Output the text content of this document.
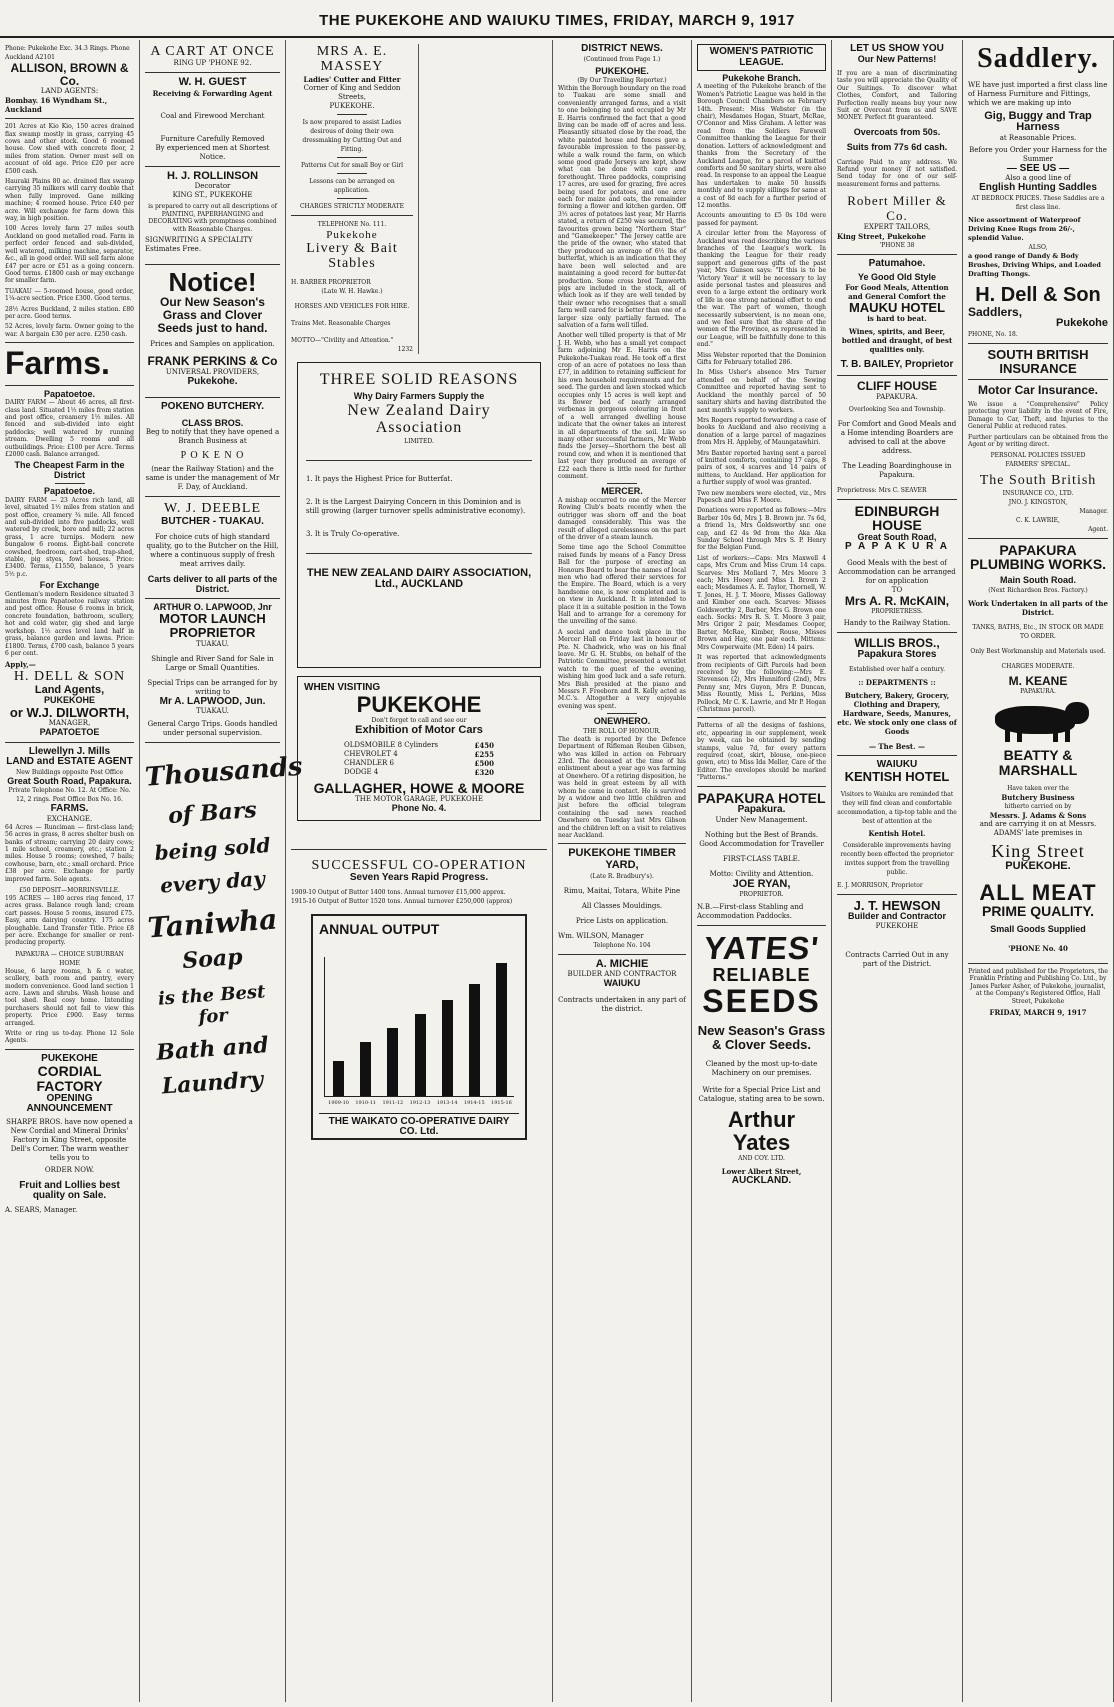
THE PUKEKOHE AND WAIUKU TIMES, FRIDAY, MARCH 9, 1917
Phone: Pukekohe Exc. 34.3 Rings. Phone Auckland A2101
ALLISON, BROWN & Co.
LAND AGENTS:
Bombay. 16 Wyndham St., Auckland
201 Acres at Kio Kio, 150 acres drained flax swamp mostly in grass, carrying 45 cows and other stock. Good 6 roomed house. Cow shed with concrete floor, 2 miles from station. Owner must sell on account of old age. Price £20 per acre £500 cash.
Hauraki Plains 80 ac. drained flax swamp carrying 35 milkers will carry double that when fully improved. Gane milking machine; 4 roomed house. Price £40 per acre. Will exchange for farm down this way, in high position.
100 Acres lovely farm 27 miles south Auckland on good metalled road. Farm in perfect order fenced and sub-divided, well watered, milking machine, separator, &c., all in good order. Will sell farm alone £47 per acre or £51 as a going concern. Good terms. £1800 cash or may exchange for smaller farm.
TUAKAU — 5-roomed house, good order, 1¼-acre section. Price £300. Good terms.
28½ Acres Buckland, 2 miles station. £80 per acre. Good terms.
52 Acres, lovely farm. Owner going to the war. A bargain £30 per acre. £250 cash.
Farms.
Papatoetoe.
DAIRY FARM — About 46 acres, all first-class land. Situated 1½ miles from station and post office, creamery 1½ miles. All fenced and sub-divided into eight paddocks; well watered by running stream. Dwelling 5 rooms and all outbuildings. Price: £100 per Acre. Terms £2000 cash. Balance arranged.
The Cheapest Farm in the District
Papatoetoe.
DAIRY FARM — 23 Acres rich land, all level, situated 1½ miles from station and post office, creamery ¾ mile. All fenced and sub-divided into five paddocks, well watered by creek, bore and mill; 22 acres grass, 1 acre turnips. Modern new bungalow 6 rooms. Eight-bail concrete cowshed, feedroom, cart-shed, trap-shed, stable, pig styes, fowl houses. Price: £3400. Terms, £1550, balance, 5 years 5½ p.c.
For Exchange
Gentleman's modern Residence situated 3 minutes from Papatoetoe railway station and post office. House 6 rooms in brick, concrete foundation, bathroom, scullery, hot and cold water, gig shed and large workshop. 1½ acres level land half in grass, balance garden and lawns. Price: £1800. Terms, £700 cash, balance 5 years 6 per cent.
Apply,—
H. DELL & SON
Land Agents,
PUKEKOHE
or W.J. DILWORTH,
MANAGER,
PAPATOETOE
Llewellyn J. Mills
LAND and ESTATE AGENT
New Buildings opposite Post Office
Great South Road, Papakura.
Private Telephone No. 12. At Office: No. 12, 2 rings. Post Office Box No. 16.
FARMS.
EXCHANGE.
64 Acres — Runciman — first-class land; 56 acres in grass, 8 acres shelter bush on banks of stream; carrying 20 dairy cows; 1 mile school, creamery, etc.; station 2 miles. House 5 rooms; cowshed, 7 bails; cowhouse, barn, etc.; small orchard. Price £38 per acre. Exchange for partly improved farm. Sole agents.
£50 DEPOSIT—MORRINSVILLE.
195 ACRES — 180 acres ring fenced, 17 acres grass. Balance rough land; cream cart passes. House 5 rooms, insured £75. Easy, arm dairying country. 175 acres ploughable. Land Transfer Title. Price £8 per acre. Exchange for smaller or rent-producing property.
PAPAKURA — CHOICE SUBURBAN HOME
House, 6 large rooms, h & c water, scullery, bath room and pantry, every modern convenience. Good land section 1 acre. Lawn and shrubs. Wash house and tool shed. Real cosy home. Intending purchasers should not fail to view this property. Price £900. Easy terms arranged.
Write or ring us to-day. Phone 12 Sole Agents.
PUKEKOHE
CORDIAL FACTORY
OPENING ANNOUNCEMENT
SHARPE BROS. have now opened a New Cordial and Mineral Drinks' Factory in King Street, opposite Dell's Corner. The warm weather tells you to
ORDER NOW.
Fruit and Lollies best quality on Sale.
A. SEARS, Manager.
A CART AT ONCE
RING UP 'PHONE 92.
W. H. GUEST
Receiving & Forwarding Agent
Coal and Firewood Merchant
Furniture Carefully Removed
By experienced men at Shortest Notice.
H. J. ROLLINSON
Decorator
KING ST., PUKEKOHE
is prepared to carry out all descriptions of PAINTING, PAPERHANGING and DECORATING with promptness combined with Reasonable Charges.
SIGNWRITING A SPECIALITY
Estimates Free.
Notice!
Our New Season's
Grass and Clover
Seeds just to hand.
Prices and Samples on application.
FRANK PERKINS & Co
UNIVERSAL PROVIDERS,
Pukekohe.
POKENO BUTCHERY.
CLASS BROS.
Beg to notify that they have opened a Branch Business at
P O K E N O
(near the Railway Station) and the same is under the management of Mr F. Day, of Auckland.
W. J. DEEBLE
BUTCHER - TUAKAU.
For choice cuts of high standard quality, go to the Butcher on the Hill, where a continuous supply of fresh meat arrives daily.
Carts deliver to all parts of the District.
ARTHUR O. LAPWOOD, Jnr
MOTOR LAUNCH PROPRIETOR
TUAKAU.
Shingle and River Sand for Sale in Large or Small Quantities.
Special Trips can be arranged for by writing to
Mr A. LAPWOOD, Jun.
TUAKAU.
General Cargo Trips. Goods handled under personal supervision.
Thousands
of Bars
being sold
every day
Taniwha
Soap
is the Best for
Bath and
Laundry
MRS A. E. MASSEY
Ladies' Cutter and Fitter
Corner of King and Seddon Streets,
PUKEKOHE.
Is now prepared to assist Ladies desirous of doing their own dressmaking by Cutting Out and Fitting.
Patterns Cut for small Boy or Girl
Lessons can be arranged on application.
CHARGES STRICTLY MODERATE
TELEPHONE No. 111.
Pukekohe
Livery & Bait Stables
H. BARBER PROPRIETOR
(Late W. H. Hawke.)
HORSES AND VEHICLES FOR HIRE.
Trains Met. Reasonable Charges
MOTTO—"Civility and Attention."
1232
THREE SOLID REASONS
Why Dairy Farmers Supply the
New Zealand Dairy Association
LIMITED.
1. It pays the Highest Price for Butterfat.
2. It is the Largest Dairying Concern in this Dominion and is still growing (larger turnover spells administrative economy).
3. It is Truly Co-operative.
THE NEW ZEALAND DAIRY ASSOCIATION, Ltd., AUCKLAND
WHEN VISITING
PUKEKOHE
Don't forget to call and see our
Exhibition of Motor Cars
OLDSMOBILE 8 Cylinders	£450
CHEVROLET 4	£255
CHANDLER 6	£500
DODGE 4	£320
GALLAGHER, HOWE & MOORE
THE MOTOR GARAGE, PUKEKOHE
Phone No. 4.
SUCCESSFUL CO-OPERATION
Seven Years Rapid Progress.
1909-10 Output of Butter 1400 tons. Annual turnover £15,000 approx.
1915-16 Output of Butter 1520 tons. Annual turnover £250,000 (approx)
ANNUAL OUTPUT
1909-10	1910-11	1911-12	1912-13	1913-14	1914-15	1915-16
THE WAIKATO CO-OPERATIVE DAIRY CO. Ltd.
DISTRICT NEWS.
(Continued from Page 1.)
PUKEKOHE.
(By Our Travelling Reporter.)
Within the Borough boundary on the road to Tuakau are some small and conveniently arranged farms, and a visit to one belonging to and occupied by Mr E. Harris confirmed the fact that a good living can be made off of acres and less. Pleasantly situated close by the road, the white painted house and fences gave a favourable impression to the passer-by, while a walk round the farm, on which some good grade Jerseys are kept, show what can be done with care and forethought. Three paddocks, comprising 17 acres, are used for grazing, five acres being used for potatoes, and one acre each for maize and oats, the remainder forming a flower and kitchen garden. Off 3½ acres of potatoes last year, Mr Harris stated, a return of £250 was secured, the favourites grown being "Northern Star" and "Gamekeeper." The Jersey cattle are the pride of the owner, who stated that they produced an average of 6½ lbs of butterfat, which is an indication that they have been well selected and are maintaining a good record for butter-fat production. Some cross bred Tamworth pigs are included in the stock, all of which look as if they are well tended by their owner who recognises that a small farm well cared for is better than one of a larger size only partially farmed. The salvation of a farm well tilled.
Another well tilled property is that of Mr J. H. Webb, who has a small yet compact farm adjoining Mr E. Harris on the Pukekohe-Tuakau road. He took off a first crop of an acre of potatoes no less than £77, in addition to retaining sufficient for his own household requirements and for seed. The garden and lawn stocked which occupies only 15 acres is well kept and its flower bed of nearly arranged verbenas in gorgeous colouring in front of a well arranged dwelling house indicate that the owner takes an interest in all departments of the soil. Like so many other successful farmers, Mr Webb finds the Jersey—Shorthorn the best all round cow, and when it is mentioned that last year they produced an average of £22 each there is little need for further comment.
MERCER.
A mishap occurred to one of the Mercer Rowing Club's boats recently when the outrigger was shorn off and the boat damaged considerably. This was the result of alleged carelessness on the part of the driver of a steam launch.
Some time ago the School Committee raised funds by means of a Fancy Dress Ball for the purpose of erecting an Honours Board to bear the names of local men who had offered their services for the Empire. The Board, which is a very handsome one, is now completed and is on view in Auckland. It is intended to place it in a suitable position in the Town Hall and to arrange for a ceremony for the unveiling of the same.
A social and dance took place in the Mercer Hall on Friday last in honour of Pte. N. Chadwick, who was on his final leave. Mr G. H. Stubbs, on behalf of the Patriotic Committee, presented a wristlet watch to the guest of the evening, wishing him good luck and a safe return. Mrs Bish presided at the piano and Messrs F. Freeborn and R. Kelly acted as M.C.'s. Altogether a very enjoyable evening was spent.
ONEWHERO.
THE ROLL OF HONOUR.
The death is reported by the Defence Department of Rifleman Reuben Gibson, who was killed in action on February 23rd. The deceased at the time of his enlistment about a year ago was farming at Onewhero. Of a retiring disposition, he was held in great esteem by all with whom he came in contact. He is survived by a widow and two little children and just before the official telegram containing the sad news reached Onewhero on Tuesday last Mrs Gibson and the children left on a visit to relatives near Auckland.
PUKEKOHE TIMBER YARD,
(Late R. Bradbury's).
Rimu, Maitai, Totara, White Pine
All Classes Mouldings.
Price Lists on application.
Wm. WILSON, Manager
Telephone No. 104
A. MICHIE
BUILDER AND CONTRACTOR
WAIUKU
Contracts undertaken in any part of the district.
WOMEN'S PATRIOTIC LEAGUE.
Pukekohe Branch.
A meeting of the Pukekohe branch of the Women's Patriotic League was held in the Borough Council Chambers on February 14th. Present: Miss Webster (in the chair), Mesdames Hogan, Stuart, McRae, O'Connor and Miss Graham. A letter was read from the Soldiers Farewell Committee thanking the League for their donation. Letters of acknowledgment and thanks from the Secretary of the Auckland League, for a parcel of knitted comforts and 50 sanitary shirts, were also read. In response to an appeal the League has undertaken to make 50 hussifs monthly and to supply sillings for same at a cost of 8d each for a further period of 12 months.
Accounts amounting to £5 0s 10d were passed for payment.
A circular letter from the Mayoress of Auckland was read describing the various branches of the League's work. In thanking the League for their ready support and generous gifts of the past year, Mrs Gunson says: "If this is to be 'Victory Year' it will be necessary to lay aside personal tastes and pleasures and even to a large extent the ordinary work of life in one strong national effort to end the war. The part of women, though necessarily subservient, is no mean one, and we feel sure that the share of the women of the Province, as represented in our League, will be faithfully done to this end."
Miss Webster reported that the Dominion Gifts for February totalled 286.
In Miss Usher's absence Mrs Turner attended on behalf of the Sewing Committee and reported having sent to Auckland the monthly parcel of 50 sanitary shirts and having distributed the next month's supply to workers.
Mrs Rogers reported forwarding a case of books to Auckland and also receiving a donation of a large parcel of magazines from Mrs H. Appleby, of Maungatawhiri.
Mrs Baxter reported having sent a parcel of knitted comforts, containing 17 caps, 8 pairs of sox, 4 scarves and 14 pairs of mittens, to Auckland. Her application for a further supply of wool was granted.
Two new members were elected, viz., Mrs Papesch and Miss F. Moore.
Donations were reported as follows:—Mrs Barber 10s 6d, Mrs J. B. Brown jnr. 7s 6d, a friend 1s, Mrs Goldsworthy snr. one cap, and £2 4s 9d from the Aka Aka Sunday School through Mrs S. P. Henry for the Belgian Fund.
List of workers:—Caps: Mrs Maxwell 4 caps, Mrs Crum and Miss Crum 14 caps. Scarves: Mrs Mollard 7, Mrs Moore 3 each; Mrs Hooey and Miss I. Brown 2 each; Mesdames A. E. Taylor, Thornell, W. T. Jones, H. J. T. Moore, Misses Galloway and Kimber one each. Scarves: Misses Goldsworthy 2, Barber, Mrs G. Brown one each. Socks: Mrs R. S. T. Moore 3 pair, Mrs Grigor 2 pair, Mesdames Cooper, Barter, McRae, Kimber, Rouse, Misses Brown and Hay, one pair each. Mittens: Mrs Cowperwaite (Mt. Eden) 14 pairs.
It was reported that acknowledgments from recipients of Gift Parcels had been received by the following:—Mrs E. Stevenson (2), Mrs Hunniford (2nd), Mrs Penny snr, Mrs Guyon, Mrs P. Duncan, Miss Rountly, Miss L. Perkins, Miss Pollock, Mr C. K. Lawrie, and Mr P. Hogan (Christmas parcel).
Patterns of all the designs of fashions, etc, appearing in our supplement, week by week, can be obtained by sending stamps, value 7d, for every pattern required (coat, skirt, blouse, one-piece gown, etc) to Miss Ida Meller, Care of the Editor. The envelopes should be marked "Patterns."
PAPAKURA HOTEL
Papakura.
Under New Management.
Nothing but the Best of Brands. Good Accommodation for Traveller
FIRST-CLASS TABLE.
Motto: Civility and Attention.
JOE RYAN,
PROPRIETOR.
N.B.—First-class Stabling and Accommodation Paddocks.
YATES'
RELIABLE
SEEDS
New Season's Grass & Clover Seeds.
Cleaned by the most up-to-date Machinery on our premises.
Write for a Special Price List and Catalogue, stating area to be sown.
Arthur Yates
AND COY. LTD.
Lower Albert Street,
AUCKLAND.
LET US SHOW YOU
Our New Patterns!
If you are a man of discriminating taste you will appreciate the Quality of Our Suitings. To discover what Clothes, Comfort, and Tailoring Perfection really means buy your new Suit or Overcoat from us and SAVE MONEY. Perfect fit guaranteed.
Overcoats from 50s.
Suits from 77s 6d cash.
Carriage Paid to any address. We Refund your money if not satisfied. Send today for one of our self-measurement forms and patterns.
Robert Miller & Co.
EXPERT TAILORS,
King Street, Pukekohe
'PHONE 38
Patumahoe.
Ye Good Old Style
For Good Meals, Attention and General Comfort the
MAUKU HOTEL
is hard to beat.
Wines, spirits, and Beer, bottled and draught, of best qualities only.
T. B. BAILEY, Proprietor
CLIFF HOUSE
PAPAKURA.
Overlooking Sea and Township.
For Comfort and Good Meals and a Home intending Boarders are advised to call at the above address.
The Leading Boardinghouse in Papakura.
Proprietress: Mrs C. SEAVER
EDINBURGH HOUSE
Great South Road,
P A P A K U R A
Good Meals with the best of Accommodation can be arranged for on application
TO
Mrs A. R. McKAIN,
PROPRIETRESS.
Handy to the Railway Station.
WILLIS BROS.,
Papakura Stores
Established over half a century.
:: DEPARTMENTS ::
Butchery, Bakery, Grocery, Clothing and Drapery, Hardware, Seeds, Manures, etc. We stock only one class of Goods
— The Best. —
WAIUKU
KENTISH HOTEL
Visitors to Waiuku are reminded that they will find clean and comfortable accommodation, a tip-top table and the best of attention at the
Kentish Hotel.
Considerable improvements having recently been effected the proprietor invites support from the travelling public.
E. J. MORRISON, Proprietor
J. T. HEWSON
Builder and Contractor
PUKEKOHE
Contracts Carried Out in any part of the District.
Saddlery.
WE have just imported a first class line of Harness Furniture and Fittings, which we are making up into
Gig, Buggy and Trap Harness
at Reasonable Prices.
Before you Order your Harness for the Summer
— SEE US —
Also a good line of
English Hunting Saddles
AT BEDROCK PRICES. These Saddles are a first class line.
Nice assortment of Waterproof Driving Knee Rugs from 26/-, splendid Value.
ALSO,
a good range of Dandy & Body Brushes, Driving Whips, and Loaded Drafting Thongs.
H. Dell & Son
Saddlers,
Pukekohe
PHONE, No. 18.
SOUTH BRITISH
INSURANCE
Motor Car Insurance.
We issue a "Comprehensive" Policy protecting your liability in the event of Fire, Damage to Car, Theft, and Injuries to the General Public at reduced rates.
Further particulars can be obtained from the Agent or by writing direct.
PERSONAL POLICIES ISSUED
FARMERS' SPECIAL.
The South British
INSURANCE CO., LTD.
JNO. J. KINGSTON,
Manager.
C. K. LAWRIE,
Agent.
PAPAKURA PLUMBING WORKS.
Main South Road.
(Next Richardson Bros. Factory.)
Work Undertaken in all parts of the District.
TANKS, BATHS, Etc., IN STOCK OR MADE TO ORDER.
Only Best Workmanship and Materials used.
CHARGES MODERATE.
M. KEANE
PAPAKURA.
BEATTY & MARSHALL
Have taken over the
Butchery Business
hitherto carried on by
Messrs. J. Adams & Sons
and are carrying it on at Messrs. ADAMS' late premises in
King Street
PUKEKOHE.
ALL MEAT
PRIME QUALITY.
Small Goods Supplied
'PHONE No. 40
Printed and published for the Proprietors, the Franklin Printing and Publishing Co. Ltd., by James Parker Asher, of Pukekohe, journalist, at the Company's Registered Office, Hall Street, Pukekohe
FRIDAY, MARCH 9, 1917
